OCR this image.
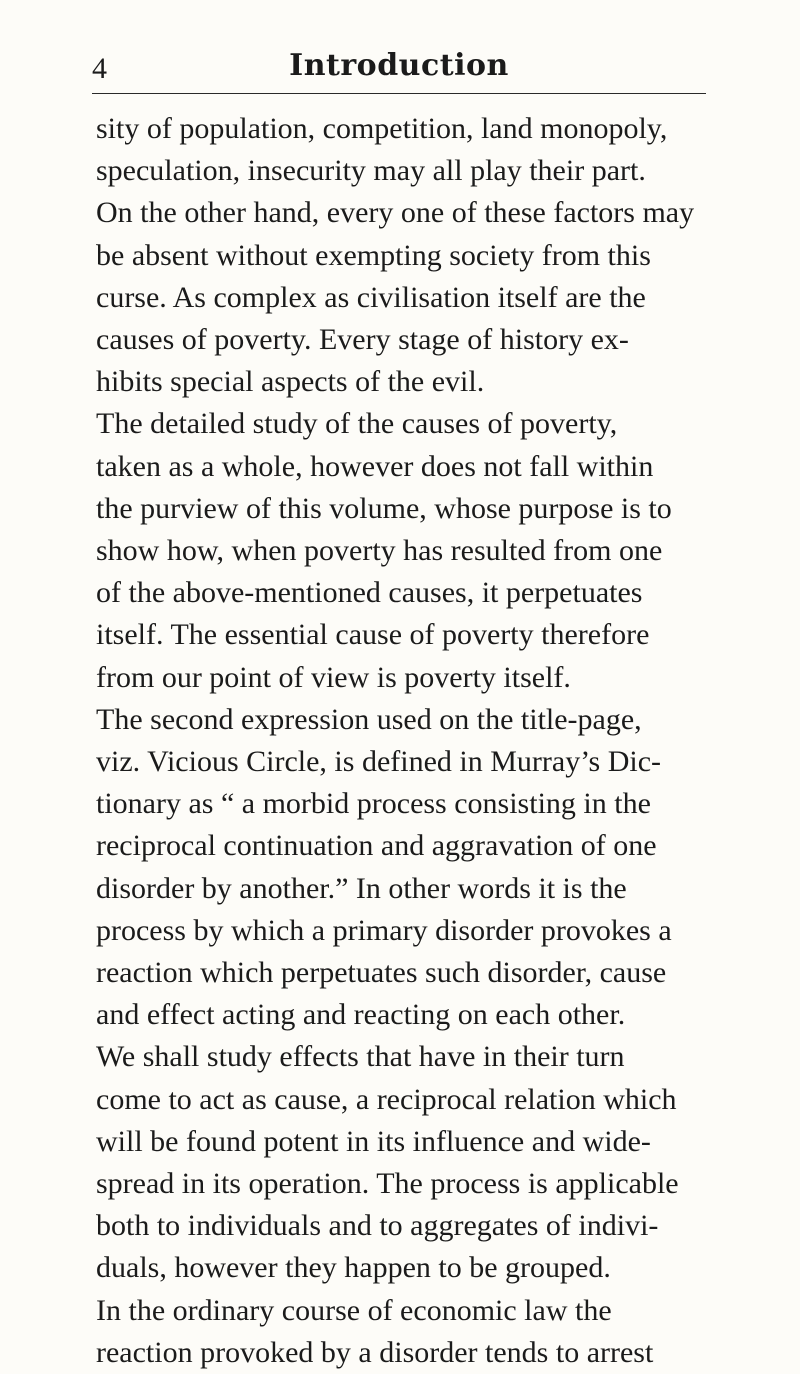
4	Introduction
sity of population, competition, land monopoly,
speculation, insecurity may all play their part.
On the other hand, every one of these factors may
be absent without exempting society from this
curse. As complex as civilisation itself are the
causes of poverty. Every stage of history ex-
hibits special aspects of the evil.
The detailed study of the causes of poverty,
taken as a whole, however does not fall within
the purview of this volume, whose purpose is to
show how, when poverty has resulted from one
of the above-mentioned causes, it perpetuates
itself. The essential cause of poverty therefore
from our point of view is poverty itself.
The second expression used on the title-page,
viz. Vicious Circle, is defined in Murray’s Dic-
tionary as “ a morbid process consisting in the
reciprocal continuation and aggravation of one
disorder by another.” In other words it is the
process by which a primary disorder provokes a
reaction which perpetuates such disorder, cause
and effect acting and reacting on each other.
We shall study effects that have in their turn
come to act as cause, a reciprocal relation which
will be found potent in its influence and wide-
spread in its operation. The process is applicable
both to individuals and to aggregates of indivi-
duals, however they happen to be grouped.
In the ordinary course of economic law the
reaction provoked by a disorder tends to arrest
